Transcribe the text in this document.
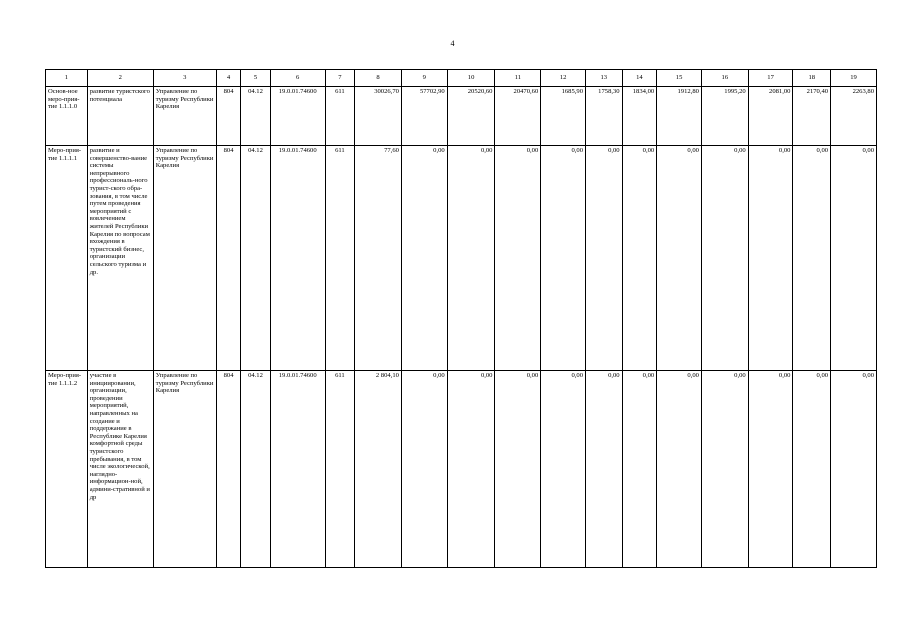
4
1	2	3	4	5	6	7	8	9	10	11	12	13	14	15	16	17	18	19
Основ-ное меро-прия-тие 1.1.1.0	развитие туристского потенциала	Управление по туризму Республики Карелия	804	04.12	19.0.01.74600	611	30026,70	57702,90	20520,60	20470,60	1685,90	1758,30	1834,00	1912,80	1995,20	2081,00	2170,40	2263,80
Меро-прия-тие 1.1.1.1	развитие и совершенство-вание системы непрерывного профессиональ-ного турист-ского обра-зования, в том числе путем проведения мероприятий с вовлечением жителей Республики Карелия по вопросам вхождения в туристский бизнес, организации сельского туризма и др.	Управление по туризму Республики Карелия	804	04.12	19.0.01.74600	611	77,60	0,00	0,00	0,00	0,00	0,00	0,00	0,00	0,00	0,00	0,00	0,00
Меро-прия-тие 1.1.1.2	участие в инициировании, организации, проведении мероприятий, направленных на создание и поддержание в Республике Карелия комфортной среды туристского пребывания, в том числе экологической, наглядно-информацион-ной, админи-стративной и др	Управление по туризму Республики Карелия	804	04.12	19.0.01.74600	611	2 804,10	0,00	0,00	0,00	0,00	0,00	0,00	0,00	0,00	0,00	0,00	0,00
